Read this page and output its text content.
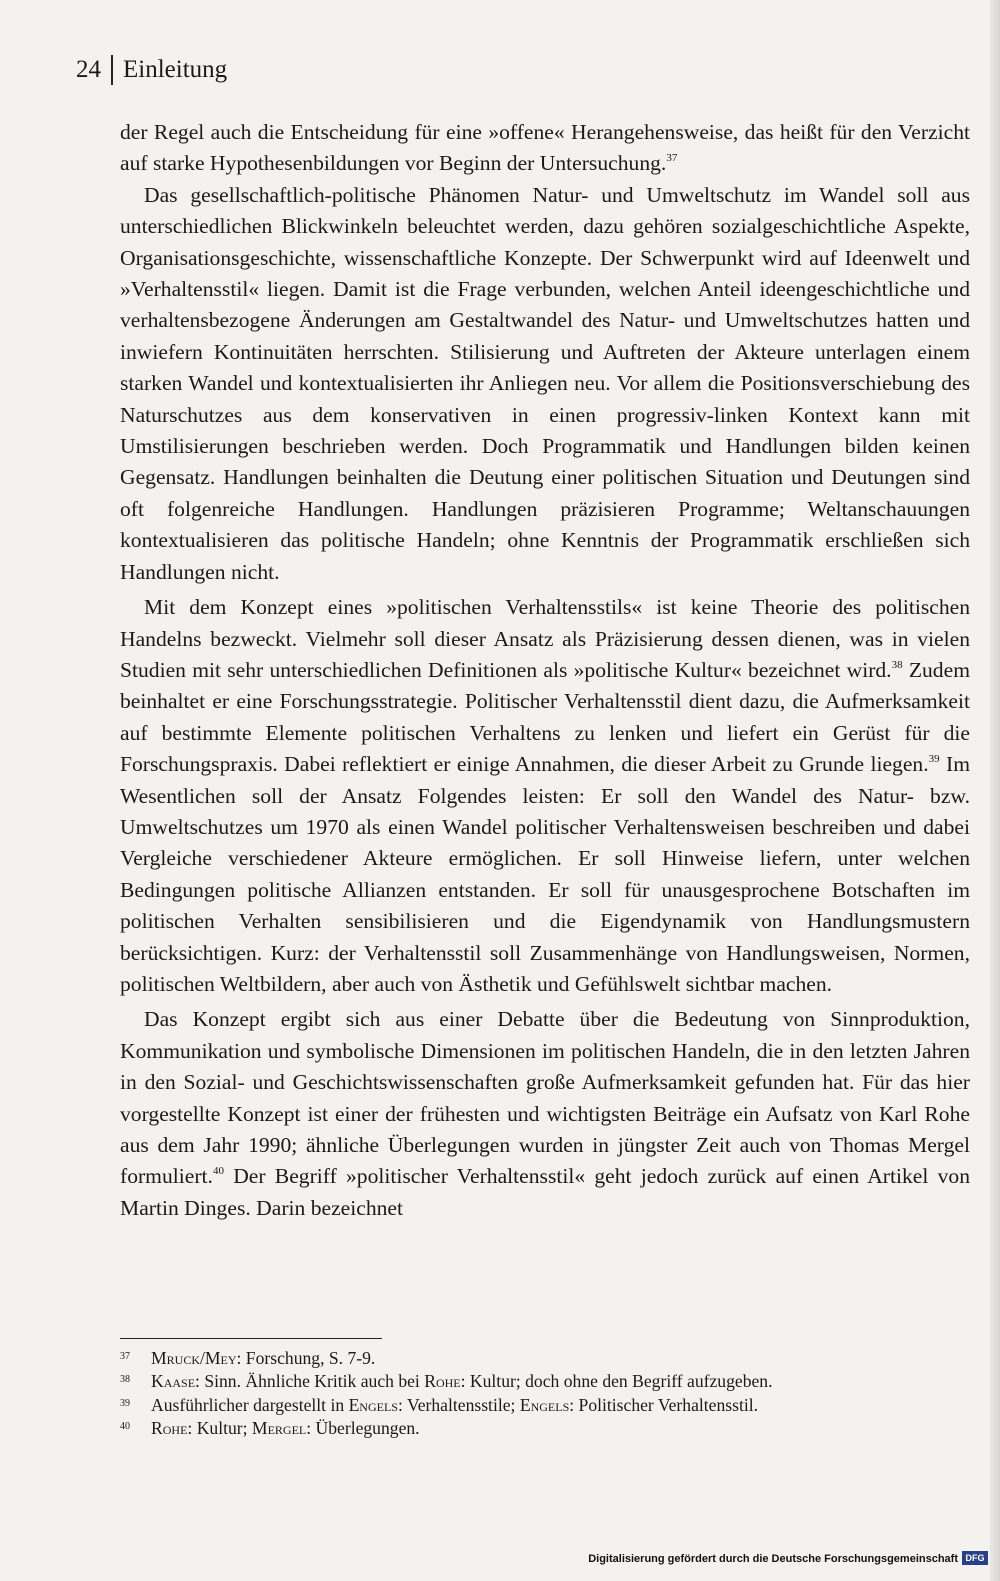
24 Einleitung

der Regel auch die Entscheidung für eine »offene« Herangehensweise, das heißt für den Verzicht auf starke Hypothesenbildungen vor Beginn der Untersuchung.$^{37}$

Das gesellschaftlich-politische Phänomen Natur- und Umweltschutz im Wandel soll aus unterschiedlichen Blickwinkeln beleuchtet werden, dazu gehören sozialgeschichtliche Aspekte, Organisationsgeschichte, wissenschaftliche Konzepte. Der Schwerpunkt wird auf Ideenwelt und »Verhaltensstil« liegen. Damit ist die Frage verbunden, welchen Anteil ideengeschichtliche und verhaltensbezogene Änderungen am Gestaltwandel des Natur- und Umweltschutzes hatten und inwiefern Kontinuitäten herrschten. Stilisierung und Auftreten der Akteure unterlagen einem starken Wandel und kontextualisierten ihr Anliegen neu. Vor allem die Positionsverschiebung des Naturschutzes aus dem konservativen in einen progressiv-linken Kontext kann mit Umstilisierungen beschrieben werden. Doch Programmatik und Handlungen bilden keinen Gegensatz. Handlungen beinhalten die Deutung einer politischen Situation und Deutungen sind oft folgenreiche Handlungen. Handlungen präzisieren Programme; Weltanschauungen kontextualisieren das politische Handeln; ohne Kenntnis der Programmatik erschließen sich Handlungen nicht.

Mit dem Konzept eines »politischen Verhaltensstils« ist keine Theorie des politischen Handelns bezweckt. Vielmehr soll dieser Ansatz als Präzisierung dessen dienen, was in vielen Studien mit sehr unterschiedlichen Definitionen als »politische Kultur« bezeichnet wird.$^{38}$ Zudem beinhaltet er eine Forschungsstrategie. Politischer Verhaltensstil dient dazu, die Aufmerksamkeit auf bestimmte Elemente politischen Verhaltens zu lenken und liefert ein Gerüst für die Forschungspraxis. Dabei reflektiert er einige Annahmen, die dieser Arbeit zu Grunde liegen.$^{39}$ Im Wesentlichen soll der Ansatz Folgendes leisten: Er soll den Wandel des Natur- bzw. Umweltschutzes um 1970 als einen Wandel politischer Verhaltensweisen beschreiben und dabei Vergleiche verschiedener Akteure ermöglichen. Er soll Hinweise liefern, unter welchen Bedingungen politische Allianzen entstanden. Er soll für unausgesprochene Botschaften im politischen Verhalten sensibilisieren und die Eigendynamik von Handlungsmustern berücksichtigen. Kurz: der Verhaltensstil soll Zusammenhänge von Handlungsweisen, Normen, politischen Weltbildern, aber auch von Ästhetik und Gefühlswelt sichtbar machen.

Das Konzept ergibt sich aus einer Debatte über die Bedeutung von Sinnproduktion, Kommunikation und symbolische Dimensionen im politischen Handeln, die in den letzten Jahren in den Sozial- und Geschichtswissenschaften große Aufmerksamkeit gefunden hat. Für das hier vorgestellte Konzept ist einer der frühesten und wichtigsten Beiträge ein Aufsatz von Karl Rohe aus dem Jahr 1990; ähnliche Überlegungen wurden in jüngster Zeit auch von Thomas Mergel formuliert.$^{40}$ Der Begriff »politischer Verhaltensstil« geht jedoch zurück auf einen Artikel von Martin Dinges. Darin bezeichnet

37	Mruck/Mey: Forschung, S. 7-9.
38	Kaase: Sinn. Ähnliche Kritik auch bei Rohe: Kultur; doch ohne den Begriff aufzugeben.
39	Ausführlicher dargestellt in Engels: Verhaltensstile; Engels: Politischer Verhaltensstil.
40	Rohe: Kultur; Mergel: Überlegungen.
Digitalisierung gefördert durch die Deutsche Forschungsgemeinschaft DFG
